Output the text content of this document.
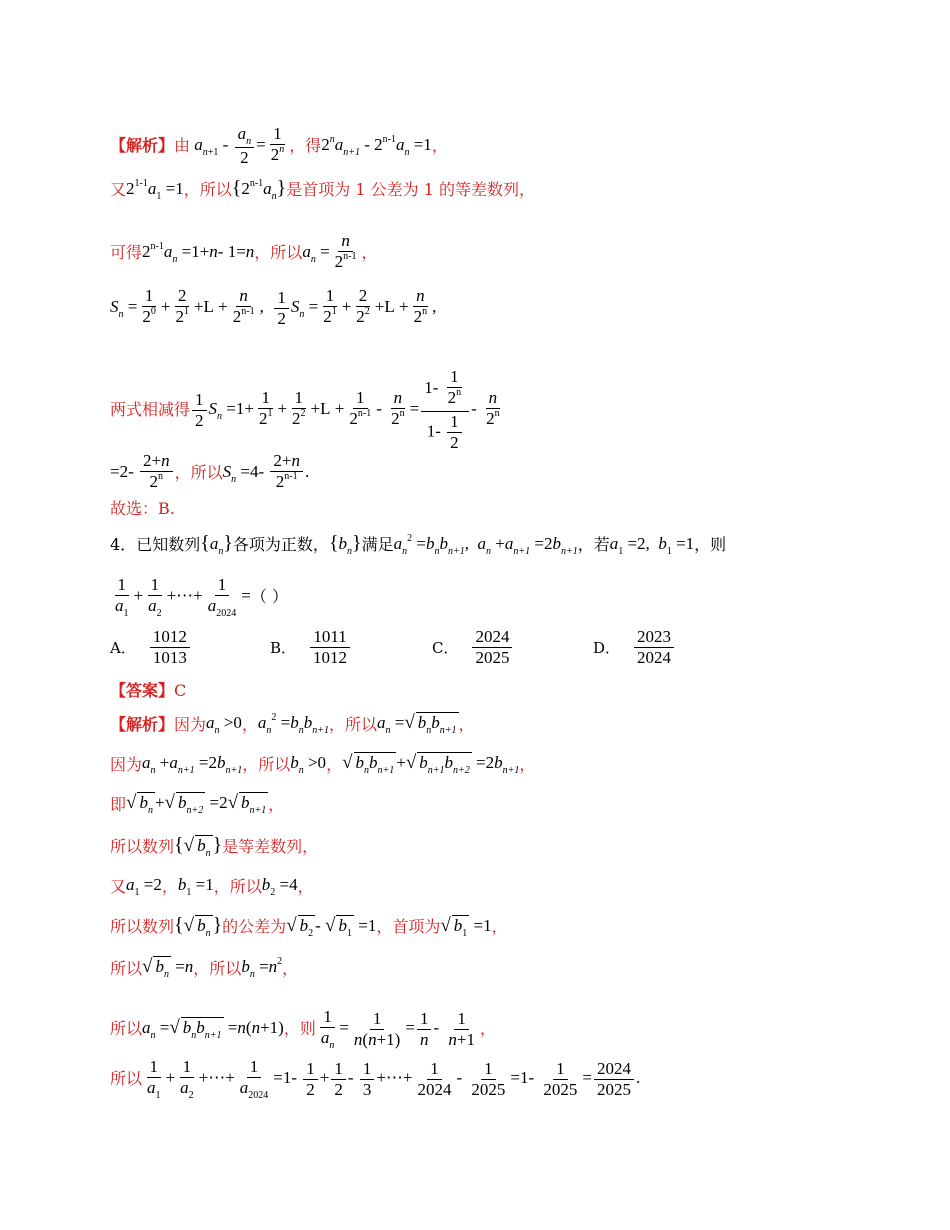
【解析】 由 $a_{n+1} - \frac{a_n}{2} = \frac{1}{2^n}$ ，得 $2^na_{n+1} - 2^{n-1}a_n =1$ ，
又 $2^{1-1}a_1 =1$ ，所以 $\{2^{n-1}a_n\}$ 是首项为 1 公差为 1 的等差数列，
可得 $2^{n-1}a_n =1+n-$ 1=n ，所以 $a_n = \frac{n}{2^{n-1}}$ ，
$S_n = \frac{1}{2^0} + \frac{2}{2^1} +L + \frac{n}{2^{n-1}}$ , $\frac{1}{2} S_n = \frac{1}{2^1} + \frac{2}{2^2} +L + \frac{n}{2^n}$ ,
两式相减得 $\frac{1}{2} S_n =1+ \frac{1}{2^1} + \frac{1}{2^2} +L + \frac{1}{2^{n-1}} - \frac{n}{2^n} = \frac{1- \frac{1}{2^n}}{1- \frac{1}{2}} - \frac{n}{2^n}$
$=2- \frac{2+n}{2^n}$ ，所以 $S_n =4- \frac{2+n}{2^{n-1}}$ .
故选：B.
4． 已知数列 $\{a_n\}$ 各项为正数， $\{b_n\}$ 满足 $a_n^2 =b_nb_{n+1}$,  $a_n +a_{n+1} =2b_{n+1}$ ，若 $a_1 =2$,  $b_1 =1$ ，则
$\frac{1}{a_1} + \frac{1}{a_2}$ +⋯+ $\frac{1}{a_{2024}}$ = （ ）
A． $\frac{1012}{1013}$	B． $\frac{1011}{1012}$	C． $\frac{2024}{2025}$	D． $\frac{2023}{2024}$
【答案】 C
【解析】 因为 $a_n >0$ ， $a_n^2 =b_nb_{n+1}$ ，所以 $a_n$ =√ $b_nb_{n+1}$ ，
因为 $a_n +a_{n+1} =2b_{n+1}$ ，所以 $b_n >0$ ， √ $b_nb_{n+1}$ +√ $b_{n+1}b_{n+2} =2b_{n+1}$ ，
即 √ $b_n$ +√ $b_{n+2} =2√$ $b_{n+1}$ ，
所以数列 {√ $b_n$ } 是等差数列，
又 $a_1 =2$ ， $b_1 =1$ ，所以 $b_2 =4$ ，
所以数列 {√ $b_n$ } 的公差为 √ $b_2$ - √ $b_1 =1$ ，首项为 √ $b_1 =1$ ，
所以 √ $b_n =n$ ，所以 $b_n =n^2$ ，
所以 $a_n$ =√ $b_nb_{n+1} =n(n+1)$ ，则 $\frac{1}{a_n} = \frac{1}{n(n+1)} = \frac{1}{n} - \frac{1}{n+1}$ ，
所以 $\frac{1}{a_1} + \frac{1}{a_2}$ +⋯+ $\frac{1}{a_{2024}} =1- \frac{1}{2} + \frac{1}{2} - \frac{1}{3}$ +⋯+ $\frac{1}{2024} - \frac{1}{2025} =1- \frac{1}{2025} = \frac{2024}{2025}$ .
